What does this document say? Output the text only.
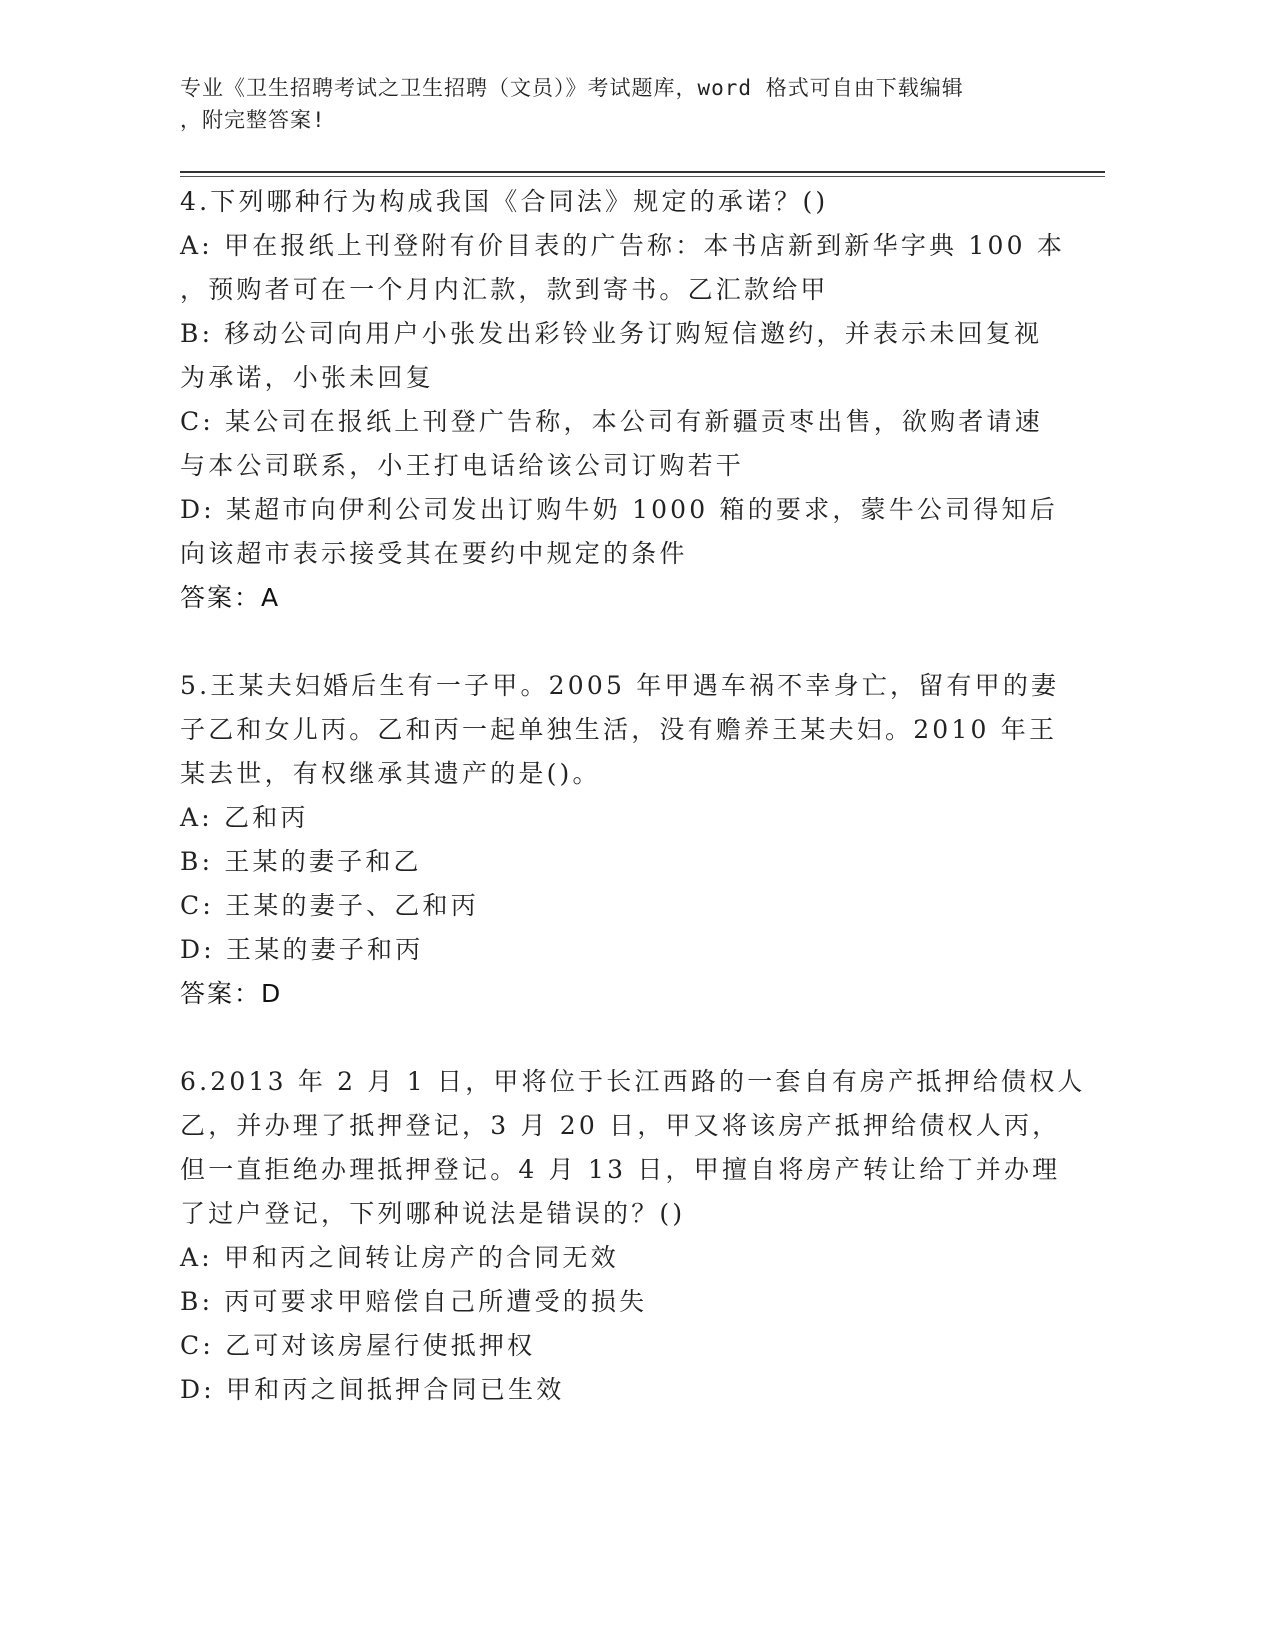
专业《卫生招聘考试之卫生招聘（文员）》考试题库，word 格式可自由下载编辑
，附完整答案!
4.下列哪种行为构成我国《合同法》规定的承诺？()
A: 甲在报纸上刊登附有价目表的广告称：本书店新到新华字典 100 本
，预购者可在一个月内汇款，款到寄书。乙汇款给甲
B: 移动公司向用户小张发出彩铃业务订购短信邀约，并表示未回复视
为承诺，小张未回复
C: 某公司在报纸上刊登广告称，本公司有新疆贡枣出售，欲购者请速
与本公司联系，小王打电话给该公司订购若干
D: 某超市向伊利公司发出订购牛奶 1000 箱的要求，蒙牛公司得知后
向该超市表示接受其在要约中规定的条件
答案：A
5.王某夫妇婚后生有一子甲。2005 年甲遇车祸不幸身亡，留有甲的妻
子乙和女儿丙。乙和丙一起单独生活，没有赡养王某夫妇。2010 年王
某去世，有权继承其遗产的是()。
A: 乙和丙
B: 王某的妻子和乙
C: 王某的妻子、乙和丙
D: 王某的妻子和丙
答案：D
6.2013 年 2 月 1 日，甲将位于长江西路的一套自有房产抵押给债权人
乙，并办理了抵押登记，3 月 20 日，甲又将该房产抵押给债权人丙，
但一直拒绝办理抵押登记。4 月 13 日，甲擅自将房产转让给丁并办理
了过户登记，下列哪种说法是错误的？()
A: 甲和丙之间转让房产的合同无效
B: 丙可要求甲赔偿自己所遭受的损失
C: 乙可对该房屋行使抵押权
D: 甲和丙之间抵押合同已生效
